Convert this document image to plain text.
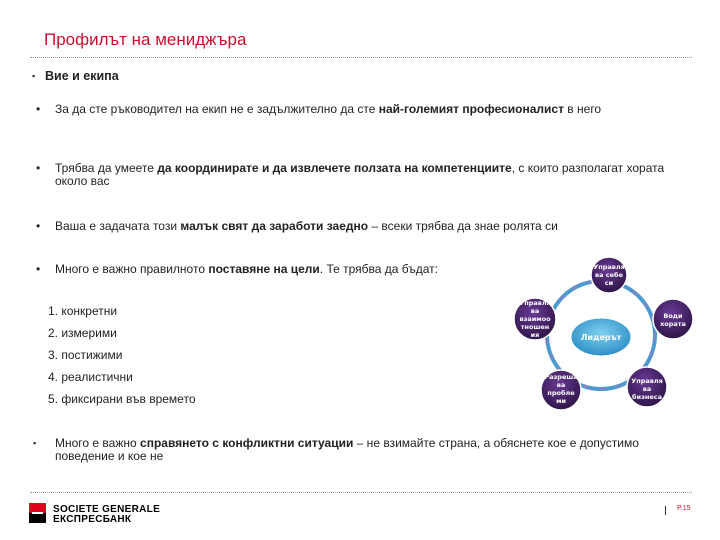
Профилът на мениджъра
▪ Вие и екипа
• За да сте ръководител на екип не е задължително да сте най-големият професионалист в него
• Трябва да умеете да координирате и да извлечете ползата на компетенциите, с които разполагат хората около вас
• Ваша е задачата този малък свят да заработи заедно – всеки трябва да знае ролята си
• Много е важно правилното поставяне на цели. Те трябва да бъдат:
1. конкретни
2. измерими
3. постижими
4. реалистични
5. фиксирани във времето
Лидерът
Управля
ва себе
си
Води
хората
Управля
ва
бизнеса
Разреша
ва
пробле
ми
Управля
ва
взаимоо
тношен
ия
▪ Много е важно справянето с конфликтни ситуации – не взимайте страна, а обяснете кое е допустимо поведение и кое не
SOCIETE GENERALE
ЕКСПРЕСБАНК
P.15
